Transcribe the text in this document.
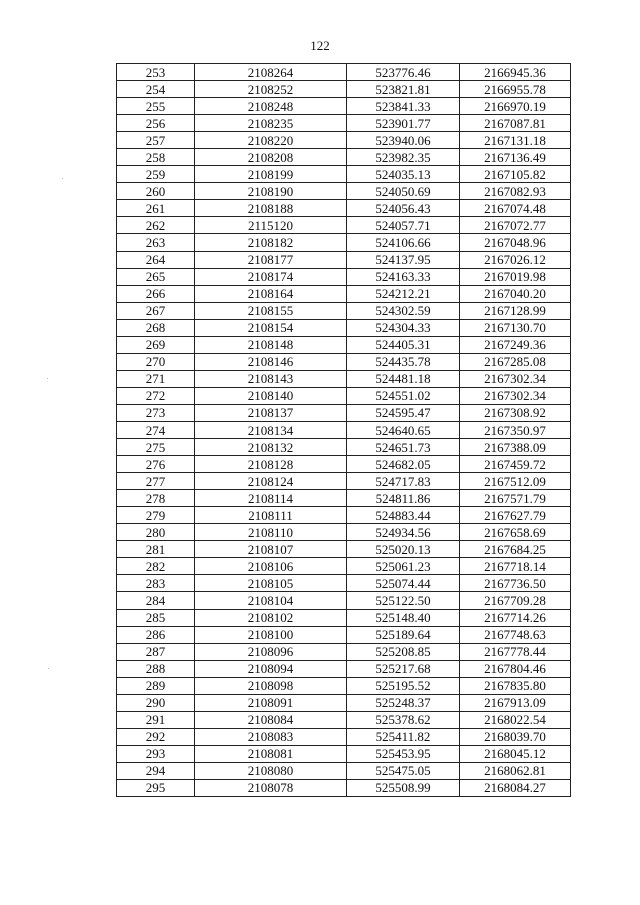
122
253	2108264	523776.46	2166945.36
254	2108252	523821.81	2166955.78
255	2108248	523841.33	2166970.19
256	2108235	523901.77	2167087.81
257	2108220	523940.06	2167131.18
258	2108208	523982.35	2167136.49
259	2108199	524035.13	2167105.82
260	2108190	524050.69	2167082.93
261	2108188	524056.43	2167074.48
262	2115120	524057.71	2167072.77
263	2108182	524106.66	2167048.96
264	2108177	524137.95	2167026.12
265	2108174	524163.33	2167019.98
266	2108164	524212.21	2167040.20
267	2108155	524302.59	2167128.99
268	2108154	524304.33	2167130.70
269	2108148	524405.31	2167249.36
270	2108146	524435.78	2167285.08
271	2108143	524481.18	2167302.34
272	2108140	524551.02	2167302.34
273	2108137	524595.47	2167308.92
274	2108134	524640.65	2167350.97
275	2108132	524651.73	2167388.09
276	2108128	524682.05	2167459.72
277	2108124	524717.83	2167512.09
278	2108114	524811.86	2167571.79
279	2108111	524883.44	2167627.79
280	2108110	524934.56	2167658.69
281	2108107	525020.13	2167684.25
282	2108106	525061.23	2167718.14
283	2108105	525074.44	2167736.50
284	2108104	525122.50	2167709.28
285	2108102	525148.40	2167714.26
286	2108100	525189.64	2167748.63
287	2108096	525208.85	2167778.44
288	2108094	525217.68	2167804.46
289	2108098	525195.52	2167835.80
290	2108091	525248.37	2167913.09
291	2108084	525378.62	2168022.54
292	2108083	525411.82	2168039.70
293	2108081	525453.95	2168045.12
294	2108080	525475.05	2168062.81
295	2108078	525508.99	2168084.27
